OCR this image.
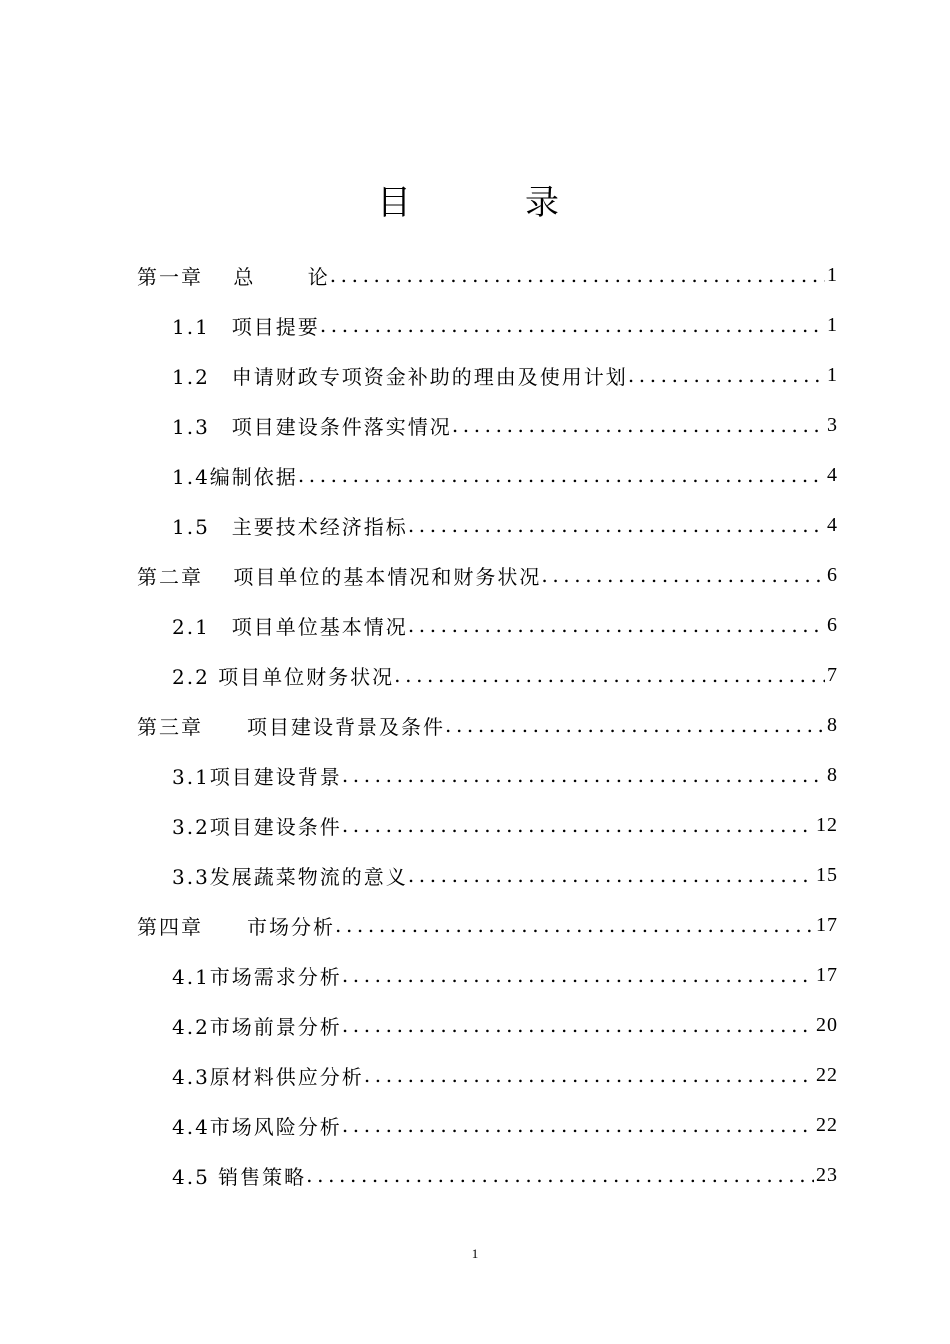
目　录
第一章　 总　　 论 .....	1
1.1　项目提要 .....	1
1.2　申请财政专项资金补助的理由及使用计划 .....	1
1.3　项目建设条件落实情况 .....	3
1.4编制依据 .....	4
1.5　主要技术经济指标 .....	4
第二章　 项目单位的基本情况和财务状况 .....	6
2.1　项目单位基本情况 .....	6
2.2 项目单位财务状况 .....	7
第三章　　项目建设背景及条件 .....	8
3.1项目建设背景 .....	8
3.2项目建设条件 .....	12
3.3发展蔬菜物流的意义 .....	15
第四章　　市场分析 .....	17
4.1市场需求分析 .....	17
4.2市场前景分析 .....	20
4.3原材料供应分析 .....	22
4.4市场风险分析 .....	22
4.5 销售策略 .....	23
1
